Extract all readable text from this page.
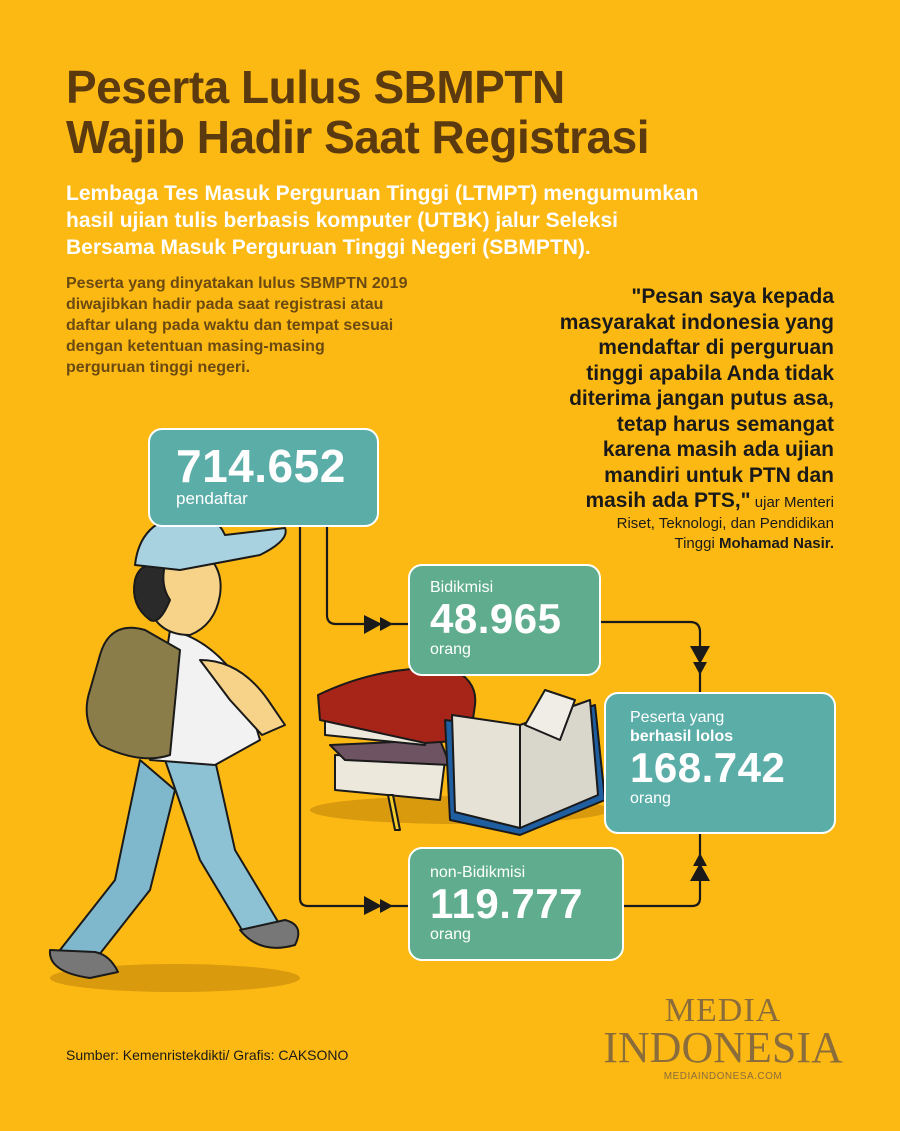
Peserta Lulus SBMPTN
Wajib Hadir Saat Registrasi
Lembaga Tes Masuk Perguruan Tinggi (LTMPT) mengumumkan
hasil ujian tulis berbasis komputer (UTBK) jalur Seleksi
Bersama Masuk Perguruan Tinggi Negeri (SBMPTN).
Peserta yang dinyatakan lulus SBMPTN 2019
diwajibkan hadir pada saat registrasi atau
daftar ulang pada waktu dan tempat sesuai
dengan ketentuan masing-masing
perguruan tinggi negeri.
"Pesan saya kepada
masyarakat indonesia yang
mendaftar di perguruan
tinggi apabila Anda tidak
diterima jangan putus asa,
tetap harus semangat
karena masih ada ujian
mandiri untuk PTN dan
masih ada PTS," ujar Menteri
Riset, Teknologi, dan Pendidikan
Tinggi Mohamad Nasir.
714.652
pendaftar
Bidikmisi
48.965
orang
Peserta yang
berhasil lolos
168.742
orang
non-Bidikmisi
119.777
orang
Sumber: Kemenristekdikti/ Grafis: CAKSONO
MEDIA
INDONESIA
MEDIAINDONESA.COM
